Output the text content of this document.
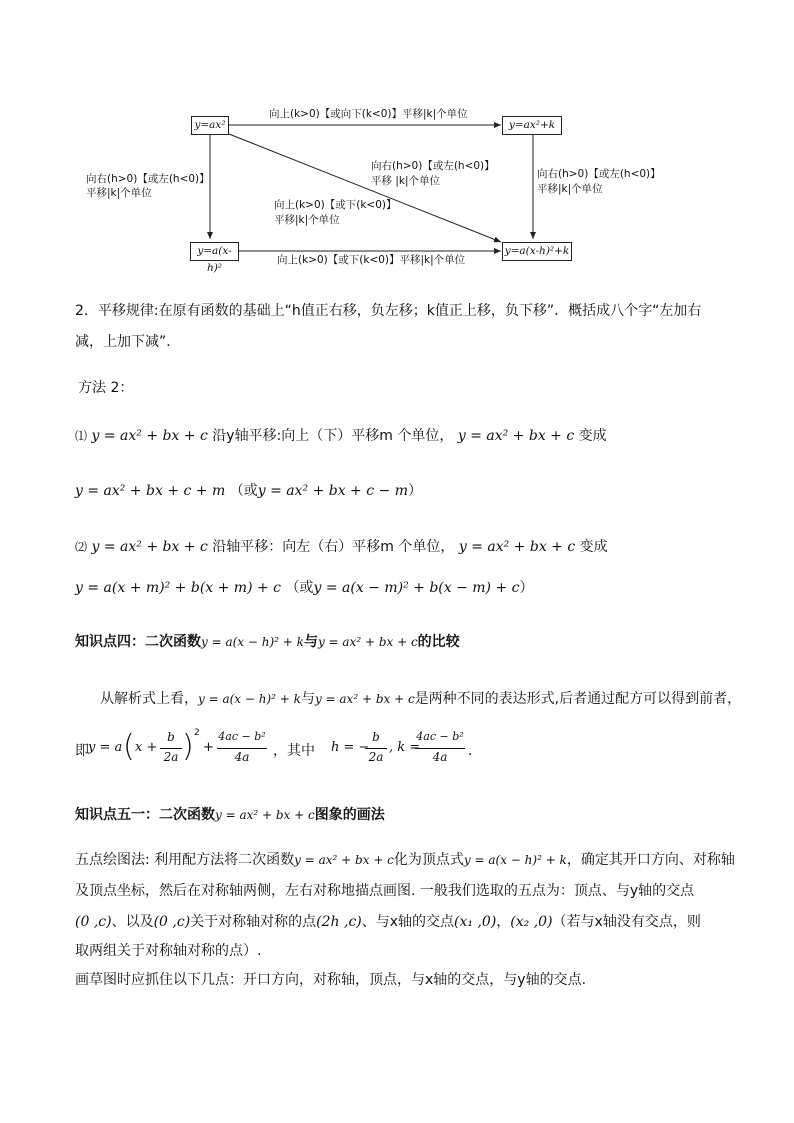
y=ax²	y=ax²+k
y=a(x-h)²
y=a(x-h)²+k
向上(k>0)【或向下(k<0)】平移|k|个单位
向右(h>0)【或左(h<0)】
平移|k|个单位
向右(h>0)【或左(h<0)】
平移 |k|个单位
向上(k>0)【或下(k<0)】
平移|k|个单位
向右(h>0)【或左(h<0)】
平移|k|个单位
向上(k>0)【或下(k<0)】平移|k|个单位
2．平移规律:在原有函数的基础上“h值正右移，负左移；k值正上移，负下移”．概括成八个字“左加右
减，上加下减”．
方法 2：
⑴ y = ax² + bx + c 沿y轴平移:向上（下）平移m 个单位， y = ax² + bx + c 变成
y = ax² + bx + c + m （或y = ax² + bx + c − m）
⑵ y = ax² + bx + c 沿轴平移：向左（右）平移m 个单位， y = ax² + bx + c 变成
y = a(x + m)² + b(x + m) + c （或y = a(x − m)² + b(x − m) + c）
知识点四：二次函数y = a(x − h)² + k与y = ax² + bx + c的比较
从解析式上看，y = a(x − h)² + k与y = ax² + bx + c是两种不同的表达形式,后者通过配方可以得到前者，
即 y = a ( x +
b
2a ) 2
+
4ac − b²
4a	，其中 h = −
b
2a
, k =
4ac − b²
4a	．
知识点五一：二次函数y = ax² + bx + c图象的画法
五点绘图法: 利用配方法将二次函数y = ax² + bx + c化为顶点式y = a(x − h)² + k，确定其开口方向、对称轴
及顶点坐标，然后在对称轴两侧，左右对称地描点画图. 一般我们选取的五点为：顶点、与y轴的交点
(0 ,c)、以及(0 ,c)关于对称轴对称的点(2h ,c)、与x轴的交点(x₁ ,0)，(x₂ ,0)（若与x轴没有交点，则
取两组关于对称轴对称的点）.
画草图时应抓住以下几点：开口方向，对称轴，顶点，与x轴的交点，与y轴的交点.
